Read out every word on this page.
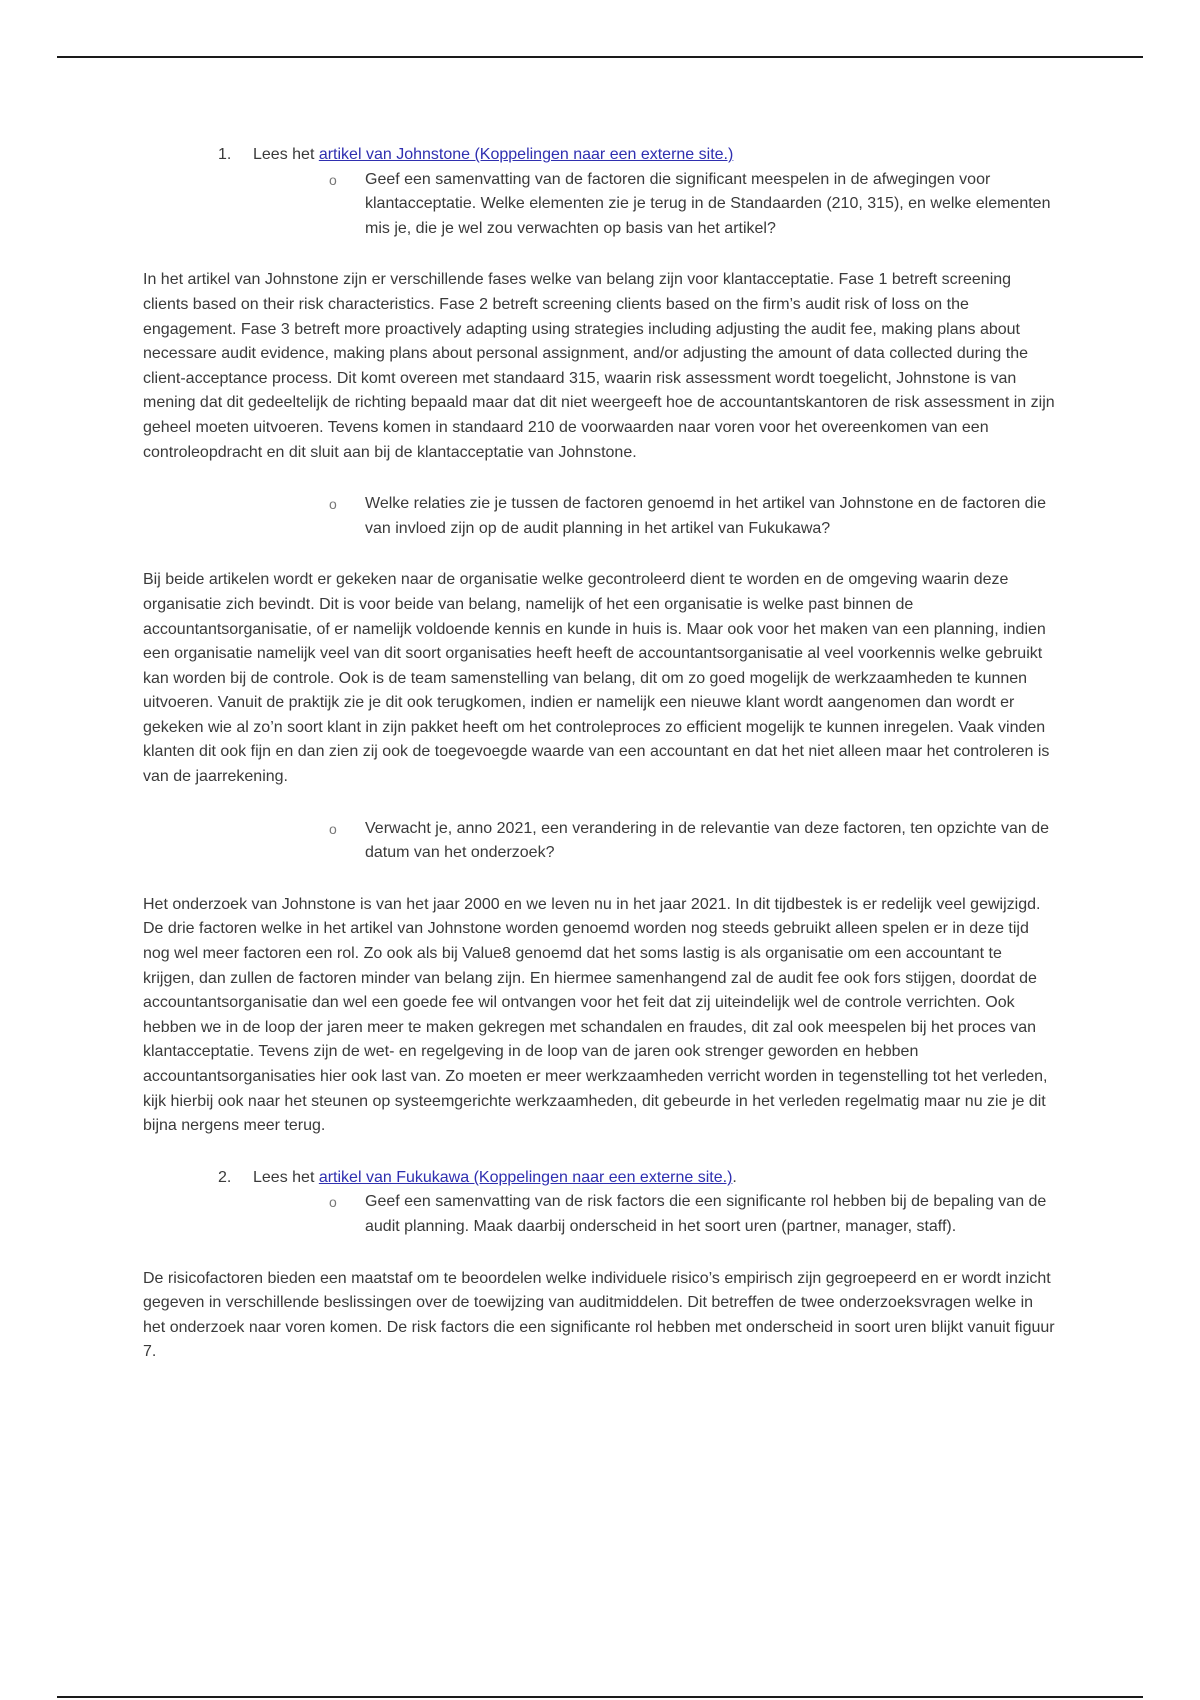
1. Lees het artikel van Johnstone (Koppelingen naar een externe site.)

o Geef een samenvatting van de factoren die significant meespelen in de afwegingen voor klantacceptatie. Welke elementen zie je terug in de Standaarden (210, 315), en welke elementen mis je, die je wel zou verwachten op basis van het artikel?

In het artikel van Johnstone zijn er verschillende fases welke van belang zijn voor klantacceptatie. Fase 1 betreft screening clients based on their risk characteristics. Fase 2 betreft screening clients based on the firm’s audit risk of loss on the engagement. Fase 3 betreft more proactively adapting using strategies including adjusting the audit fee, making plans about necessare audit evidence, making plans about personal assignment, and/or adjusting the amount of data collected during the client-acceptance process. Dit komt overeen met standaard 315, waarin risk assessment wordt toegelicht, Johnstone is van mening dat dit gedeeltelijk de richting bepaald maar dat dit niet weergeeft hoe de accountantskantoren de risk assessment in zijn geheel moeten uitvoeren. Tevens komen in standaard 210 de voorwaarden naar voren voor het overeenkomen van een controleopdracht en dit sluit aan bij de klantacceptatie van Johnstone.

o Welke relaties zie je tussen de factoren genoemd in het artikel van Johnstone en de factoren die van invloed zijn op de audit planning in het artikel van Fukukawa?

Bij beide artikelen wordt er gekeken naar de organisatie welke gecontroleerd dient te worden en de omgeving waarin deze organisatie zich bevindt. Dit is voor beide van belang, namelijk of het een organisatie is welke past binnen de accountantsorganisatie, of er namelijk voldoende kennis en kunde in huis is. Maar ook voor het maken van een planning, indien een organisatie namelijk veel van dit soort organisaties heeft heeft de accountantsorganisatie al veel voorkennis welke gebruikt kan worden bij de controle. Ook is de team samenstelling van belang, dit om zo goed mogelijk de werkzaamheden te kunnen uitvoeren. Vanuit de praktijk zie je dit ook terugkomen, indien er namelijk een nieuwe klant wordt aangenomen dan wordt er gekeken wie al zo’n soort klant in zijn pakket heeft om het controleproces zo efficient mogelijk te kunnen inregelen. Vaak vinden klanten dit ook fijn en dan zien zij ook de toegevoegde waarde van een accountant en dat het niet alleen maar het controleren is van de jaarrekening.

o Verwacht je, anno 2021, een verandering in de relevantie van deze factoren, ten opzichte van de datum van het onderzoek?

Het onderzoek van Johnstone is van het jaar 2000 en we leven nu in het jaar 2021. In dit tijdbestek is er redelijk veel gewijzigd. De drie factoren welke in het artikel van Johnstone worden genoemd worden nog steeds gebruikt alleen spelen er in deze tijd nog wel meer factoren een rol. Zo ook als bij Value8 genoemd dat het soms lastig is als organisatie om een accountant te krijgen, dan zullen de factoren minder van belang zijn. En hiermee samenhangend zal de audit fee ook fors stijgen, doordat de accountantsorganisatie dan wel een goede fee wil ontvangen voor het feit dat zij uiteindelijk wel de controle verrichten. Ook hebben we in de loop der jaren meer te maken gekregen met schandalen en fraudes, dit zal ook meespelen bij het proces van klantacceptatie. Tevens zijn de wet- en regelgeving in de loop van de jaren ook strenger geworden en hebben accountantsorganisaties hier ook last van. Zo moeten er meer werkzaamheden verricht worden in tegenstelling tot het verleden, kijk hierbij ook naar het steunen op systeemgerichte werkzaamheden, dit gebeurde in het verleden regelmatig maar nu zie je dit bijna nergens meer terug.

2. Lees het artikel van Fukukawa (Koppelingen naar een externe site.).

o Geef een samenvatting van de risk factors die een significante rol hebben bij de bepaling van de audit planning. Maak daarbij onderscheid in het soort uren (partner, manager, staff).

De risicofactoren bieden een maatstaf om te beoordelen welke individuele risico’s empirisch zijn gegroepeerd en er wordt inzicht gegeven in verschillende beslissingen over de toewijzing van auditmiddelen. Dit betreffen de twee onderzoeksvragen welke in het onderzoek naar voren komen. De risk factors die een significante rol hebben met onderscheid in soort uren blijkt vanuit figuur 7.
